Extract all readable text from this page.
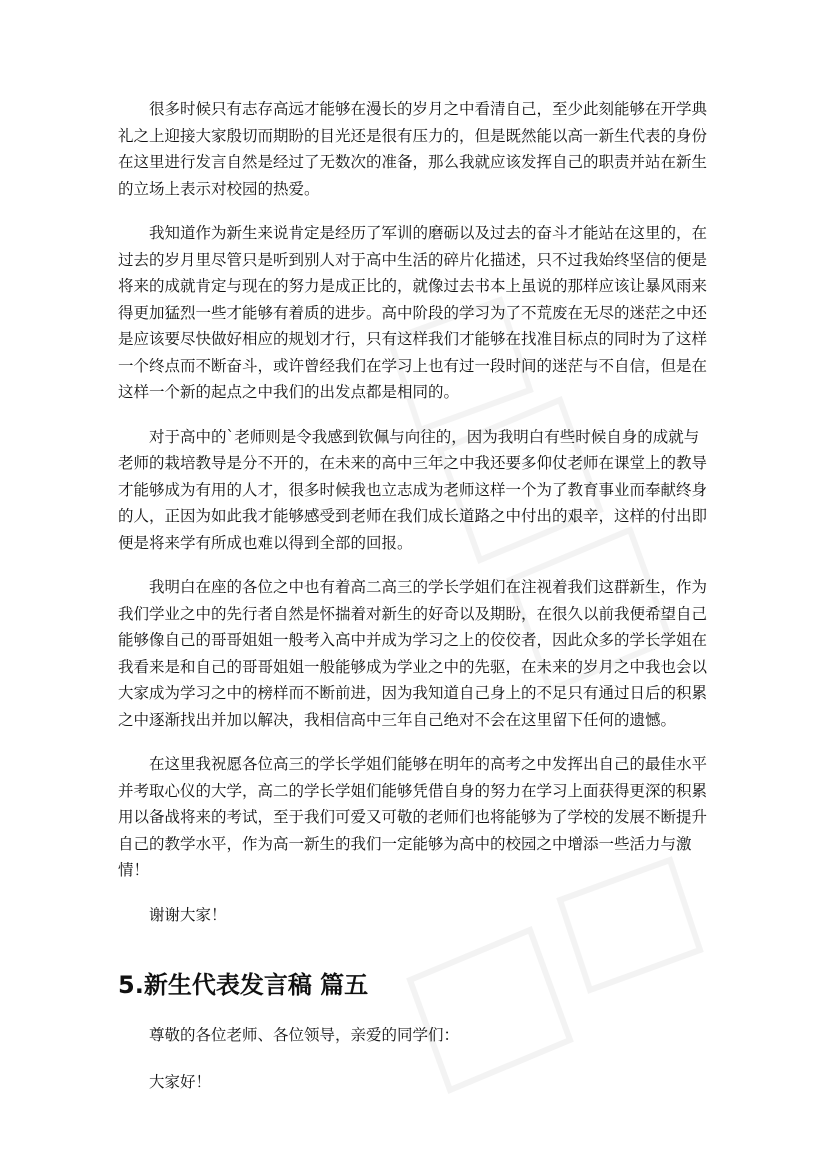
很多时候只有志存高远才能够在漫长的岁月之中看清自己，至少此刻能够在开学典礼之上迎接大家殷切而期盼的目光还是很有压力的，但是既然能以高一新生代表的身份在这里进行发言自然是经过了无数次的准备，那么我就应该发挥自己的职责并站在新生的立场上表示对校园的热爱。

我知道作为新生来说肯定是经历了军训的磨砺以及过去的奋斗才能站在这里的，在过去的岁月里尽管只是听到别人对于高中生活的碎片化描述，只不过我始终坚信的便是将来的成就肯定与现在的努力是成正比的，就像过去书本上虽说的那样应该让暴风雨来得更加猛烈一些才能够有着质的进步。高中阶段的学习为了不荒废在无尽的迷茫之中还是应该要尽快做好相应的规划才行，只有这样我们才能够在找准目标点的同时为了这样一个终点而不断奋斗，或许曾经我们在学习上也有过一段时间的迷茫与不自信，但是在这样一个新的起点之中我们的出发点都是相同的。

对于高中的`老师则是令我感到钦佩与向往的，因为我明白有些时候自身的成就与老师的栽培教导是分不开的，在未来的高中三年之中我还要多仰仗老师在课堂上的教导才能够成为有用的人才，很多时候我也立志成为老师这样一个为了教育事业而奉献终身的人，正因为如此我才能够感受到老师在我们成长道路之中付出的艰辛，这样的付出即便是将来学有所成也难以得到全部的回报。

我明白在座的各位之中也有着高二高三的学长学姐们在注视着我们这群新生，作为我们学业之中的先行者自然是怀揣着对新生的好奇以及期盼，在很久以前我便希望自己能够像自己的哥哥姐姐一般考入高中并成为学习之上的佼佼者，因此众多的学长学姐在我看来是和自己的哥哥姐姐一般能够成为学业之中的先驱，在未来的岁月之中我也会以大家成为学习之中的榜样而不断前进，因为我知道自己身上的不足只有通过日后的积累之中逐渐找出并加以解决，我相信高中三年自己绝对不会在这里留下任何的遗憾。

在这里我祝愿各位高三的学长学姐们能够在明年的高考之中发挥出自己的最佳水平并考取心仪的大学，高二的学长学姐们能够凭借自身的努力在学习上面获得更深的积累用以备战将来的考试，至于我们可爱又可敬的老师们也将能够为了学校的发展不断提升自己的教学水平，作为高一新生的我们一定能够为高中的校园之中增添一些活力与激情！

谢谢大家！

5.新生代表发言稿 篇五

尊敬的各位老师、各位领导，亲爱的同学们：

大家好！
